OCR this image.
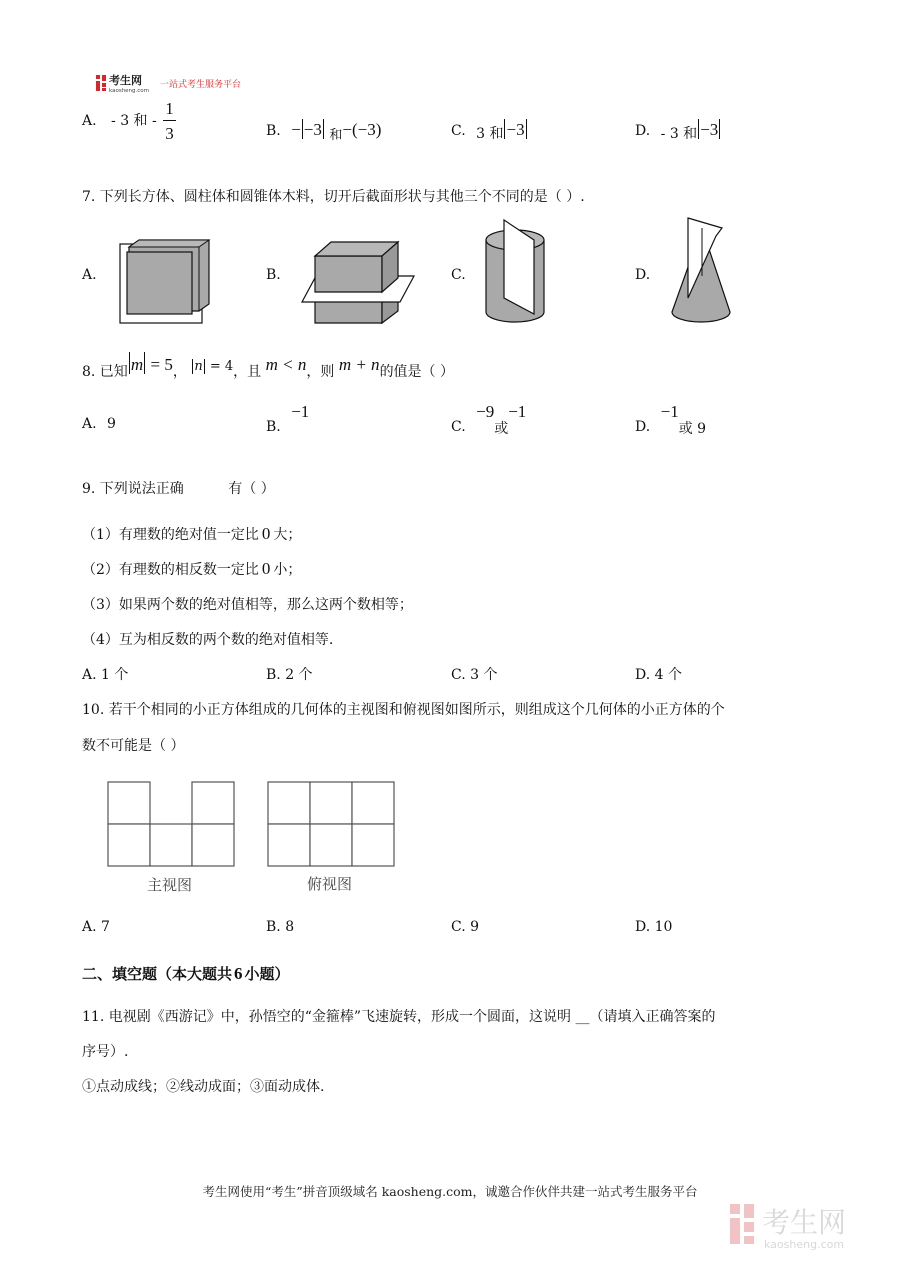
考生网
kaosheng.com
一站式考生服务平台
A. - 3 和 - $\frac{1}{3}$	B. − −3 和−(−3)	C. 3 和 −3	D. - 3 和 −3
7. 下列长方体、圆柱体和圆锥体木料，切开后截面形状与其他三个不同的是（ ）.
A.	B.	C.	D.
8. 已知 m = 5， n = 4，且 m < n，则 m + n的值是（ ）
A. 9	B. −1
C. −9或−1
D. −1或 9
9. 下列说法正确	有（ ）
（1）有理数的绝对值一定比 0 大；
（2）有理数的相反数一定比 0 小；
（3）如果两个数的绝对值相等，那么这两个数相等；
（4）互为相反数的两个数的绝对值相等.
A. 1 个	B. 2 个	C. 3 个	D. 4 个
10. 若干个相同的小正方体组成的几何体的主视图和俯视图如图所示，则组成这个几何体的小正方体的个
数不可能是（ ）
主视图	俯视图
A. 7	B. 8	C. 9	D. 10
二、填空题（本大题共 6 小题）
11. 电视剧《西游记》中，孙悟空的“金箍棒”飞速旋转，形成一个圆面，这说明 __（请填入正确答案的
序号）.
①点动成线；②线动成面；③面动成体.
考生网使用“考生”拼音顶级域名 kaosheng.com，诚邀合作伙伴共建一站式考生服务平台
考生网
kaosheng.com
